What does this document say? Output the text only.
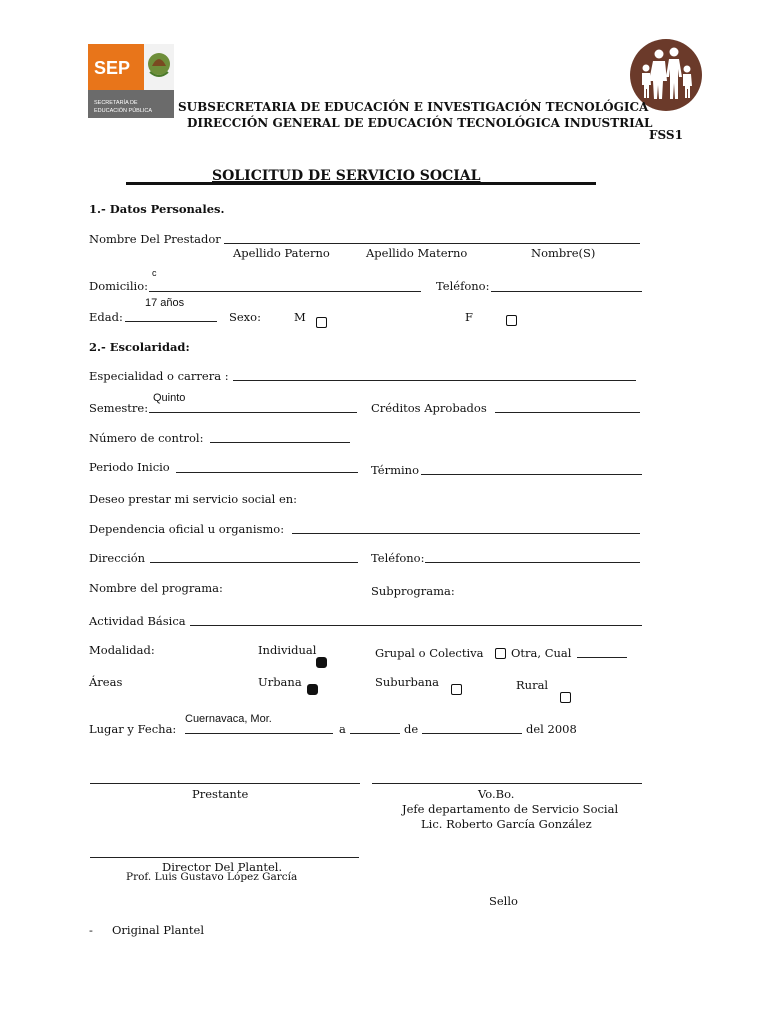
SEP
SECRETARÍA DE
EDUCACIÓN PÚBLICA SUBSECRETARIA DE EDUCACIÓN E INVESTIGACIÓN TECNOLÓGICA
DIRECCIÓN GENERAL DE EDUCACIÓN TECNOLÓGICA INDUSTRIAL
FSS1
SOLICITUD DE SERVICIO SOCIAL
1.- Datos Personales.
Nombre Del Prestador
Apellido Paterno	Apellido Materno	Nombre(S)
c
Domicilio:	Teléfono:
17 años
Edad:	Sexo:	M	F
2.- Escolaridad:
Especialidad o carrera :
Quinto
Semestre:	Créditos Aprobados
Número de control:
Periodo Inicio	Término
Deseo prestar mi servicio social en:
Dependencia oficial u organismo:
Dirección	Teléfono:
Nombre del programa:	Subprograma:
Actividad Básica
Modalidad:	Individual	Grupal o Colectiva Otra, Cual
Áreas	Urbana	Suburbana	Rural
Cuernavaca, Mor.
Lugar y Fecha:	a	de	del 2008
Prestante	Vo.Bo.
Jefe departamento de Servicio Social
Lic. Roberto García González
Director Del Plantel.
Prof. Luis Gustavo López García
Sello
- Original Plantel
